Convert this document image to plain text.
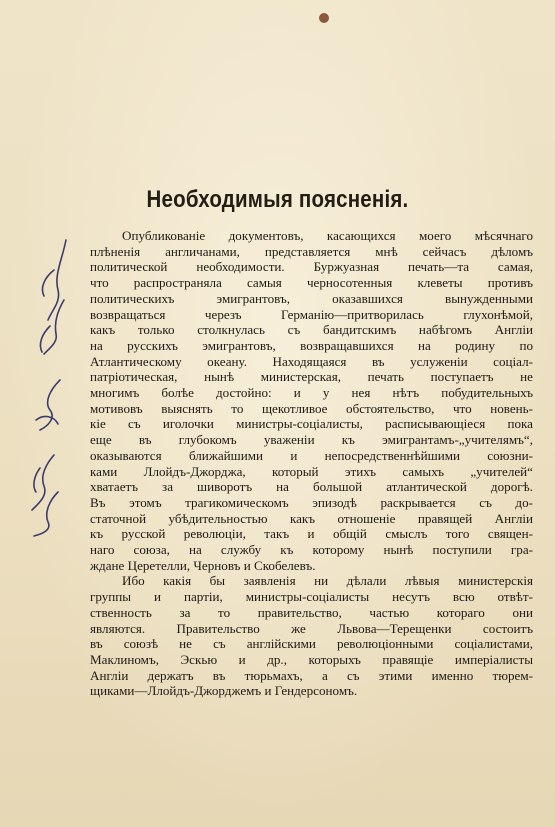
Необходимыя поясненія.
Опубликованіе документовъ, касающихся моего мѣсячнаго
плѣненія англичанами, представляется мнѣ сейчасъ дѣломъ
политической необходимости. Буржуазная печать—та самая,
что распространяла самыя черносотенныя клеветы противъ
политическихъ эмигрантовъ, оказавшихся вынужденными
возвращаться черезъ Германію—притворилась глухонѣмой,
какъ только столкнулась съ бандитскимъ набѣгомъ Англіи
на русскихъ эмигрантовъ, возвращавшихся на родину по
Атлантическому океану. Находящаяся въ услуженіи соціал-
патріотическая, нынѣ министерская, печать поступаетъ не
многимъ болѣе достойно: и у нея нѣтъ побудительныхъ
мотивовъ выяснять то щекотливое обстоятельство, что новень-
кіе съ иголочки министры-соціалисты, расписывающіеся пока
еще въ глубокомъ уваженіи къ эмигрантамъ-„учителямъ“,
оказываются ближайшими и непосредственнѣйшими союзни-
ками Ллойдъ-Джорджа, который этихъ самыхъ „учителей“
хватаетъ за шиворотъ на большой атлантической дорогѣ.
Въ этомъ трагикомическомъ эпизодѣ раскрывается съ до-
статочной убѣдительностью какъ отношеніе правящей Англіи
къ русской революціи, такъ и общій смыслъ того священ-
наго союза, на службу къ которому нынѣ поступили гра-
ждане Церетелли, Черновъ и Скобелевъ.
Ибо какія бы заявленія ни дѣлали лѣвыя министерскія
группы и партіи, министры-соціалисты несутъ всю отвѣт-
ственность за то правительство, частью котораго они
являются. Правительство же Львова—Терещенки состоитъ
въ союзѣ не съ англійскими революціонными соціалистами,
Маклиномъ, Эскью и др., которыхъ правящіе имперіалисты
Англіи держатъ въ тюрьмахъ, а съ этими именно тюрем-
щиками—Ллойдъ-Джорджемъ и Гендерсономъ.
